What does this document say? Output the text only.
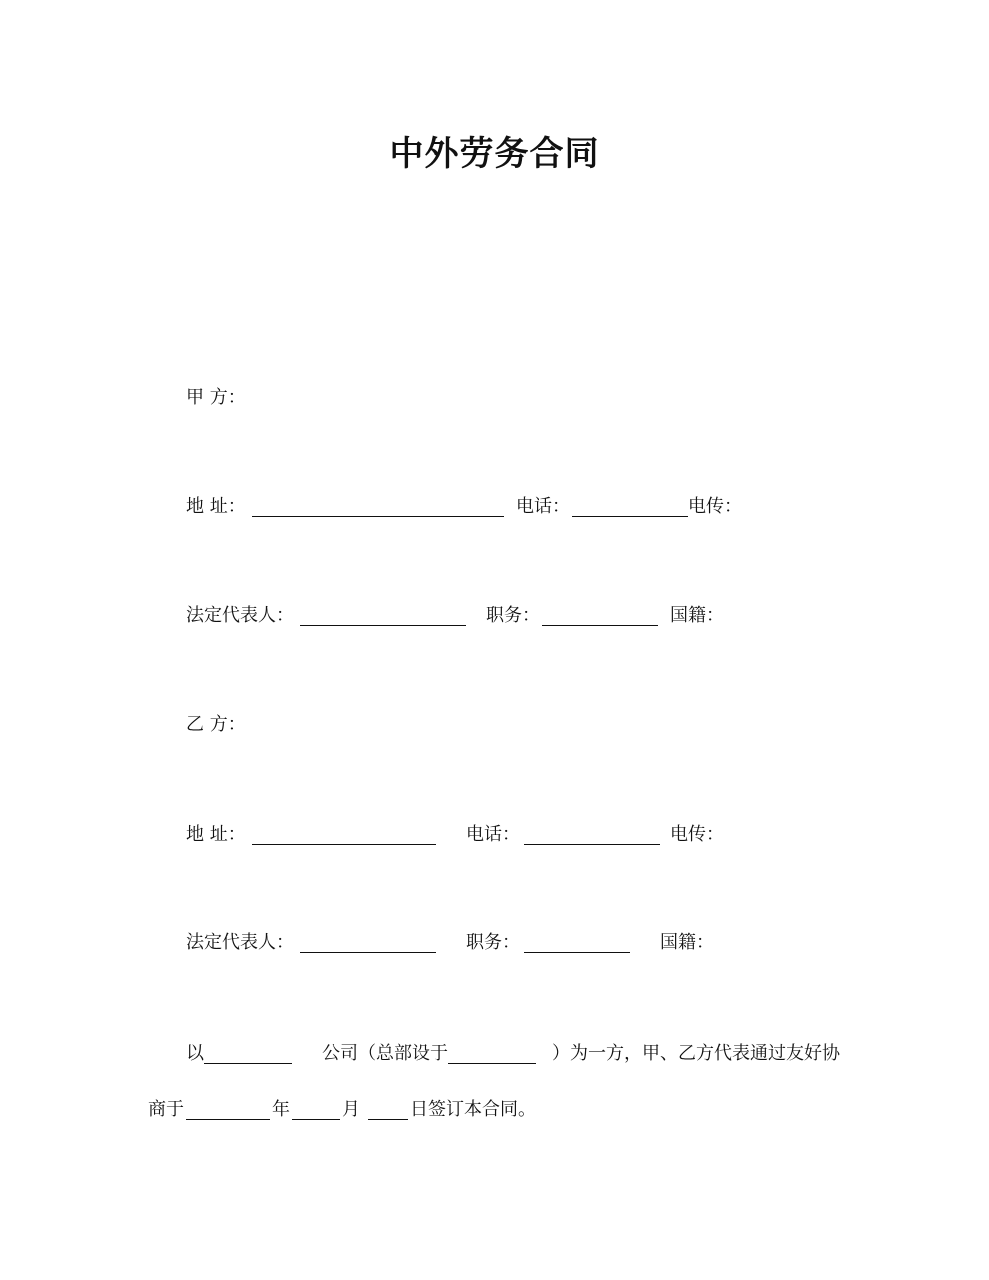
中外劳务合同
甲 方：
地 址：	电话：	电传：
法定代表人：	职务：	国籍：
乙 方：
地 址：	电话：	电传：
法定代表人：	职务：	国籍：
以	公司（总部设于	）为一方，甲、乙方代表通过友好协
商于	年	月	日签订本合同。
